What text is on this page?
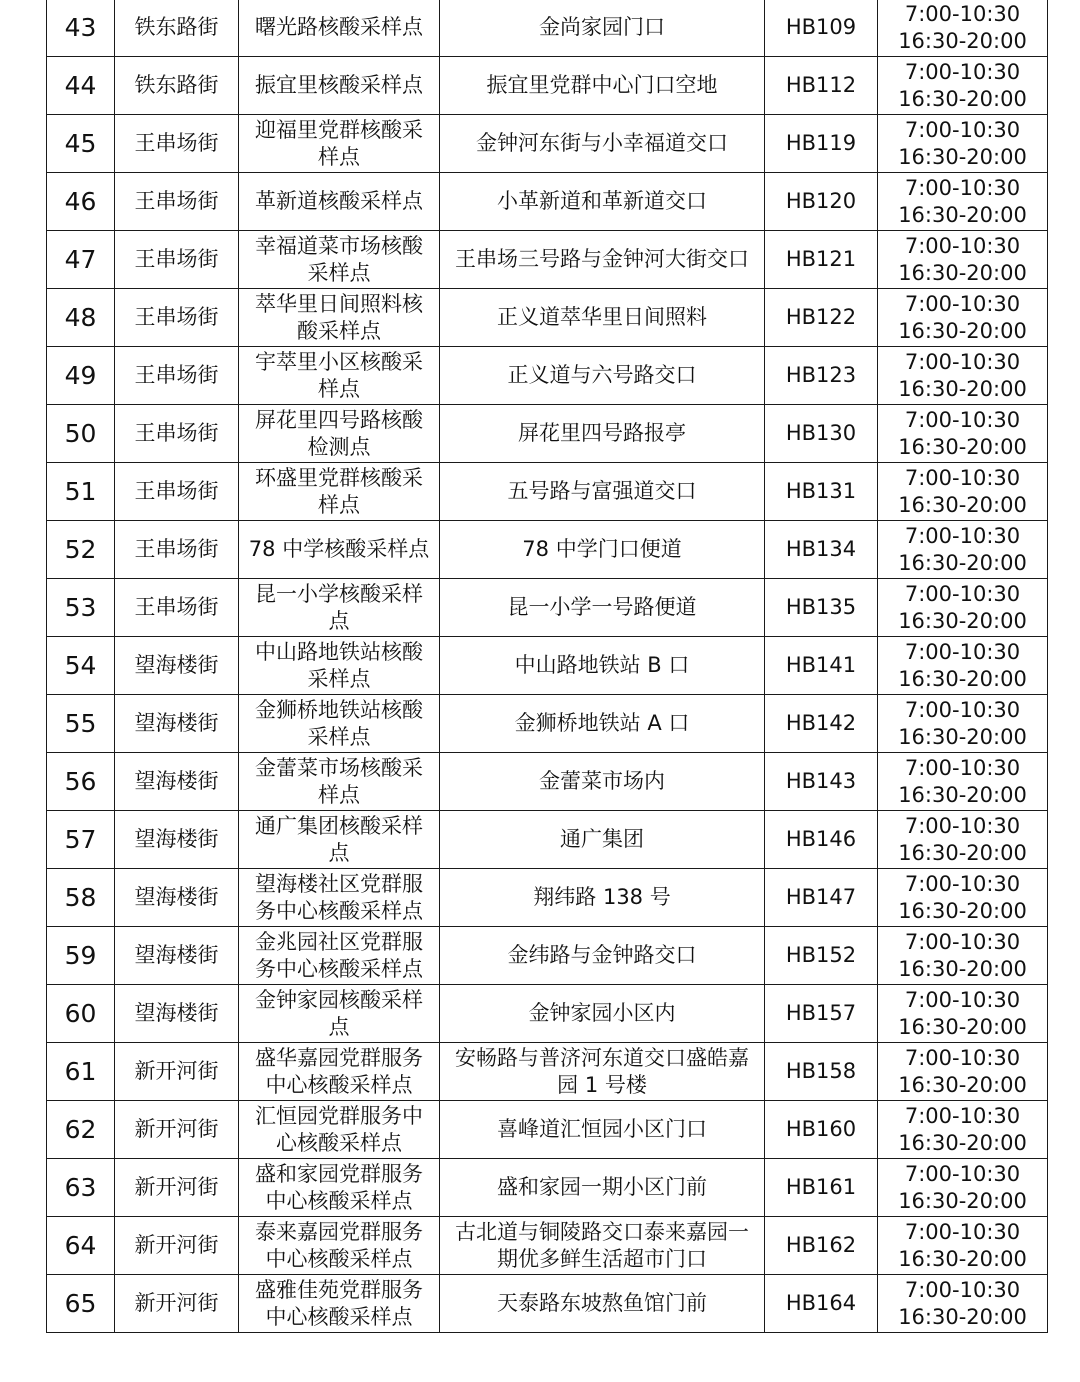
43	铁东路街	曙光路核酸采样点	金尚家园门口	HB109	7:00-10:30
16:30-20:00

44	铁东路街	振宜里核酸采样点	振宜里党群中心门口空地	HB112	7:00-10:30
16:30-20:00

45	王串场街	迎福里党群核酸采样点	金钟河东街与小幸福道交口	HB119	7:00-10:30
16:30-20:00

46	王串场街	革新道核酸采样点	小革新道和革新道交口	HB120	7:00-10:30
16:30-20:00

47	王串场街	幸福道菜市场核酸采样点	王串场三号路与金钟河大街交口	HB121	7:00-10:30
16:30-20:00

48	王串场街	萃华里日间照料核酸采样点	正义道萃华里日间照料	HB122	7:00-10:30
16:30-20:00

49	王串场街	宇萃里小区核酸采样点	正义道与六号路交口	HB123	7:00-10:30
16:30-20:00

50	王串场街	屏花里四号路核酸检测点	屏花里四号路报亭	HB130	7:00-10:30
16:30-20:00

51	王串场街	环盛里党群核酸采样点	五号路与富强道交口	HB131	7:00-10:30
16:30-20:00

52	王串场街	78 中学核酸采样点	78 中学门口便道	HB134	7:00-10:30
16:30-20:00

53	王串场街	昆一小学核酸采样点	昆一小学一号路便道	HB135	7:00-10:30
16:30-20:00

54	望海楼街	中山路地铁站核酸采样点	中山路地铁站 B 口	HB141	7:00-10:30
16:30-20:00

55	望海楼街	金狮桥地铁站核酸采样点	金狮桥地铁站 A 口	HB142	7:00-10:30
16:30-20:00

56	望海楼街	金蕾菜市场核酸采样点	金蕾菜市场内	HB143	7:00-10:30
16:30-20:00

57	望海楼街	通广集团核酸采样点	通广集团	HB146	7:00-10:30
16:30-20:00

58	望海楼街	望海楼社区党群服务中心核酸采样点	翔纬路 138 号	HB147	7:00-10:30
16:30-20:00

59	望海楼街	金兆园社区党群服务中心核酸采样点	金纬路与金钟路交口	HB152	7:00-10:30
16:30-20:00

60	望海楼街	金钟家园核酸采样点	金钟家园小区内	HB157	7:00-10:30
16:30-20:00

61	新开河街	盛华嘉园党群服务中心核酸采样点	安畅路与普济河东道交口盛皓嘉园 1 号楼	HB158	7:00-10:30
16:30-20:00

62	新开河街	汇恒园党群服务中心核酸采样点	喜峰道汇恒园小区门口	HB160	7:00-10:30
16:30-20:00

63	新开河街	盛和家园党群服务中心核酸采样点	盛和家园一期小区门前	HB161	7:00-10:30
16:30-20:00

64	新开河街	泰来嘉园党群服务中心核酸采样点	古北道与铜陵路交口泰来嘉园一期优多鲜生活超市门口	HB162	7:00-10:30
16:30-20:00

65	新开河街	盛雅佳苑党群服务中心核酸采样点	天泰路东坡熬鱼馆门前	HB164	7:00-10:30
16:30-20:00
